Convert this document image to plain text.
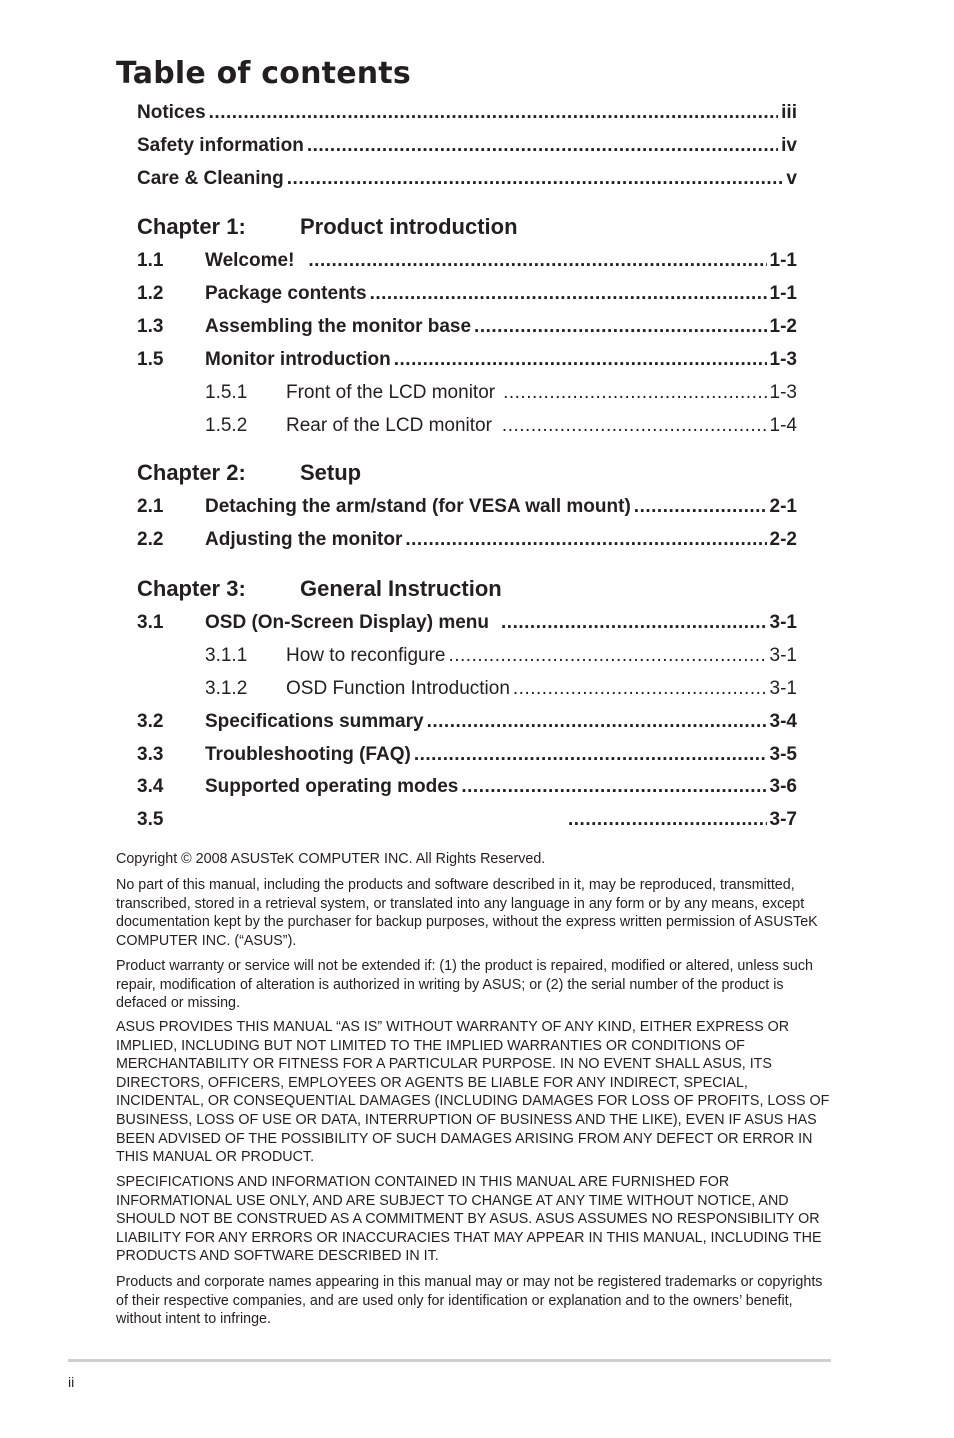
Table of contents
Notices .....	iii
Safety information .....	iv
Care & Cleaning .....	v
Chapter 1: Product introduction
1.1	Welcome! .....	1-1
1.2	Package contents .....	1-1
1.3	Assembling the monitor base .....	1-2
1.5	Monitor introduction .....	1-3
1.5.1	Front of the LCD monitor .....	1-3
1.5.2	Rear of the LCD monitor .....	1-4
Chapter 2: Setup
2.1	Detaching the arm/stand (for VESA wall mount) .....	2-1
2.2	Adjusting the monitor .....	2-2
Chapter 3: General Instruction
3.1	OSD (On-Screen Display) menu .....	3-1
3.1.1	How to reconfigure .....	3-1
3.1.2	OSD Function Introduction .....	3-1
3.2	Specifications summary .....	3-4
3.3	Troubleshooting (FAQ) .....	3-5
3.4	Supported operating modes .....	3-6
3.5 .....	3-7

Copyright © 2008 ASUSTeK COMPUTER INC. All Rights Reserved.

No part of this manual, including the products and software described in it, may be reproduced, transmitted, transcribed, stored in a retrieval system, or translated into any language in any form or by any means, except documentation kept by the purchaser for backup purposes, without the express written permission of ASUSTeK COMPUTER INC. (“ASUS”).

Product warranty or service will not be extended if: (1) the product is repaired, modified or altered, unless such repair, modification of alteration is authorized in writing by ASUS; or (2) the serial number of the product is defaced or missing.

ASUS PROVIDES THIS MANUAL “AS IS” WITHOUT WARRANTY OF ANY KIND, EITHER EXPRESS OR IMPLIED, INCLUDING BUT NOT LIMITED TO THE IMPLIED WARRANTIES OR CONDITIONS OF MERCHANTABILITY OR FITNESS FOR A PARTICULAR PURPOSE. IN NO EVENT SHALL ASUS, ITS DIRECTORS, OFFICERS, EMPLOYEES OR AGENTS BE LIABLE FOR ANY INDIRECT, SPECIAL, INCIDENTAL, OR CONSEQUENTIAL DAMAGES (INCLUDING DAMAGES FOR LOSS OF PROFITS, LOSS OF BUSINESS, LOSS OF USE OR DATA, INTERRUPTION OF BUSINESS AND THE LIKE), EVEN IF ASUS HAS BEEN ADVISED OF THE POSSIBILITY OF SUCH DAMAGES ARISING FROM ANY DEFECT OR ERROR IN THIS MANUAL OR PRODUCT.

SPECIFICATIONS AND INFORMATION CONTAINED IN THIS MANUAL ARE FURNISHED FOR INFORMATIONAL USE ONLY, AND ARE SUBJECT TO CHANGE AT ANY TIME WITHOUT NOTICE, AND SHOULD NOT BE CONSTRUED AS A COMMITMENT BY ASUS. ASUS ASSUMES NO RESPONSIBILITY OR LIABILITY FOR ANY ERRORS OR INACCURACIES THAT MAY APPEAR IN THIS MANUAL, INCLUDING THE PRODUCTS AND SOFTWARE DESCRIBED IN IT.

Products and corporate names appearing in this manual may or may not be registered trademarks or copyrights of their respective companies, and are used only for identification or explanation and to the owners’ benefit, without intent to infringe.

ii
